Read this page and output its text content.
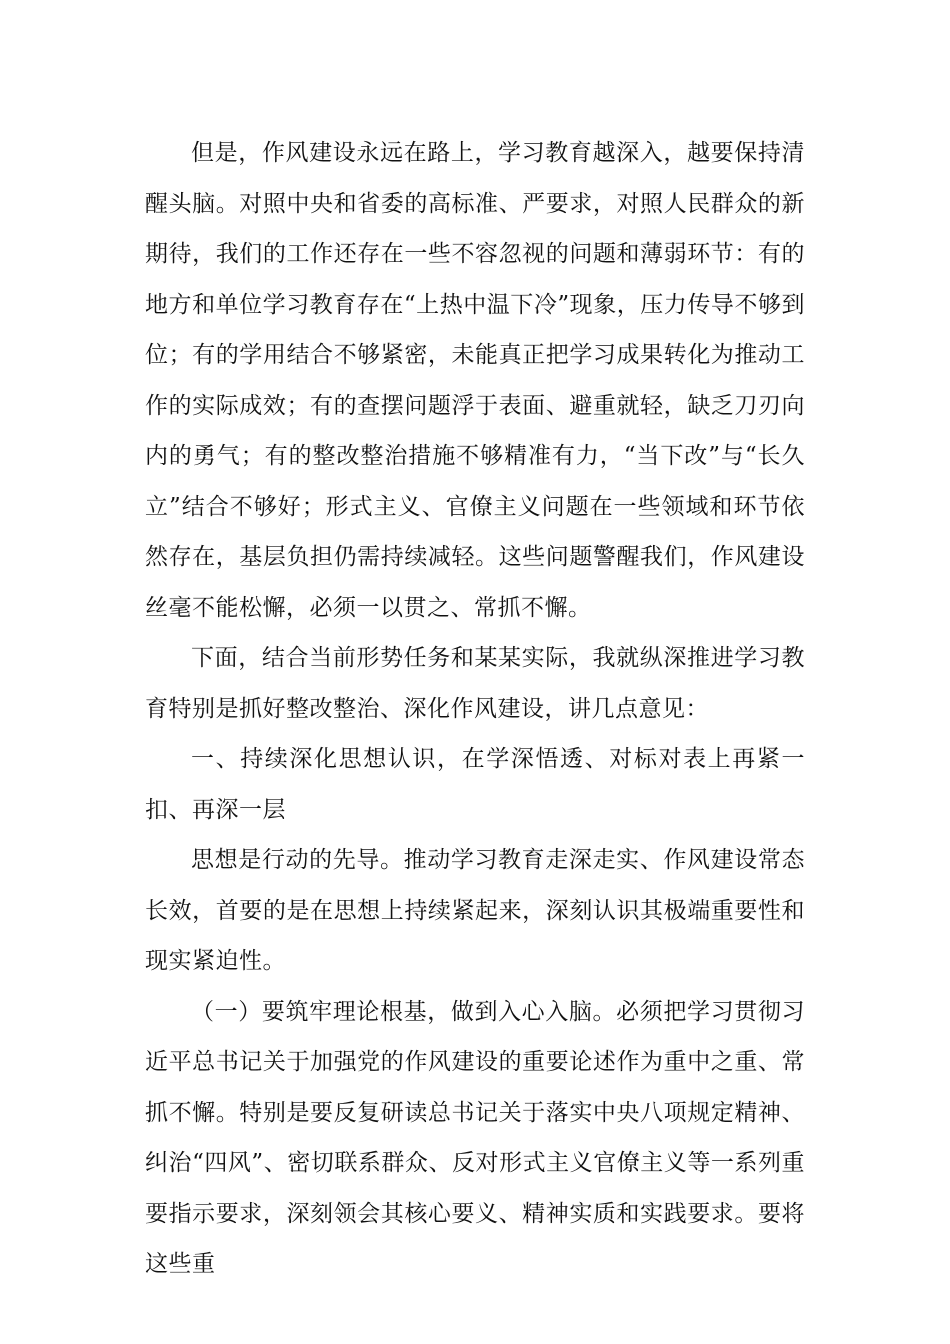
但是，作风建设永远在路上，学习教育越深入，越要保持清醒头脑。对照中央和省委的高标准、严要求，对照人民群众的新期待，我们的工作还存在一些不容忽视的问题和薄弱环节：有的地方和单位学习教育存在“上热中温下冷”现象，压力传导不够到位；有的学用结合不够紧密，未能真正把学习成果转化为推动工作的实际成效；有的查摆问题浮于表面、避重就轻，缺乏刀刃向内的勇气；有的整改整治措施不够精准有力，“当下改”与“长久立”结合不够好；形式主义、官僚主义问题在一些领域和环节依然存在，基层负担仍需持续减轻。这些问题警醒我们，作风建设丝毫不能松懈，必须一以贯之、常抓不懈。

下面，结合当前形势任务和某某实际，我就纵深推进学习教育特别是抓好整改整治、深化作风建设，讲几点意见：

一、持续深化思想认识，在学深悟透、对标对表上再紧一扣、再深一层

思想是行动的先导。推动学习教育走深走实、作风建设常态长效，首要的是在思想上持续紧起来，深刻认识其极端重要性和现实紧迫性。

（一）要筑牢理论根基，做到入心入脑。必须把学习贯彻习近平总书记关于加强党的作风建设的重要论述作为重中之重、常抓不懈。特别是要反复研读总书记关于落实中央八项规定精神、纠治“四风”、密切联系群众、反对形式主义官僚主义等一系列重要指示要求，深刻领会其核心要义、精神实质和实践要求。要将这些重
